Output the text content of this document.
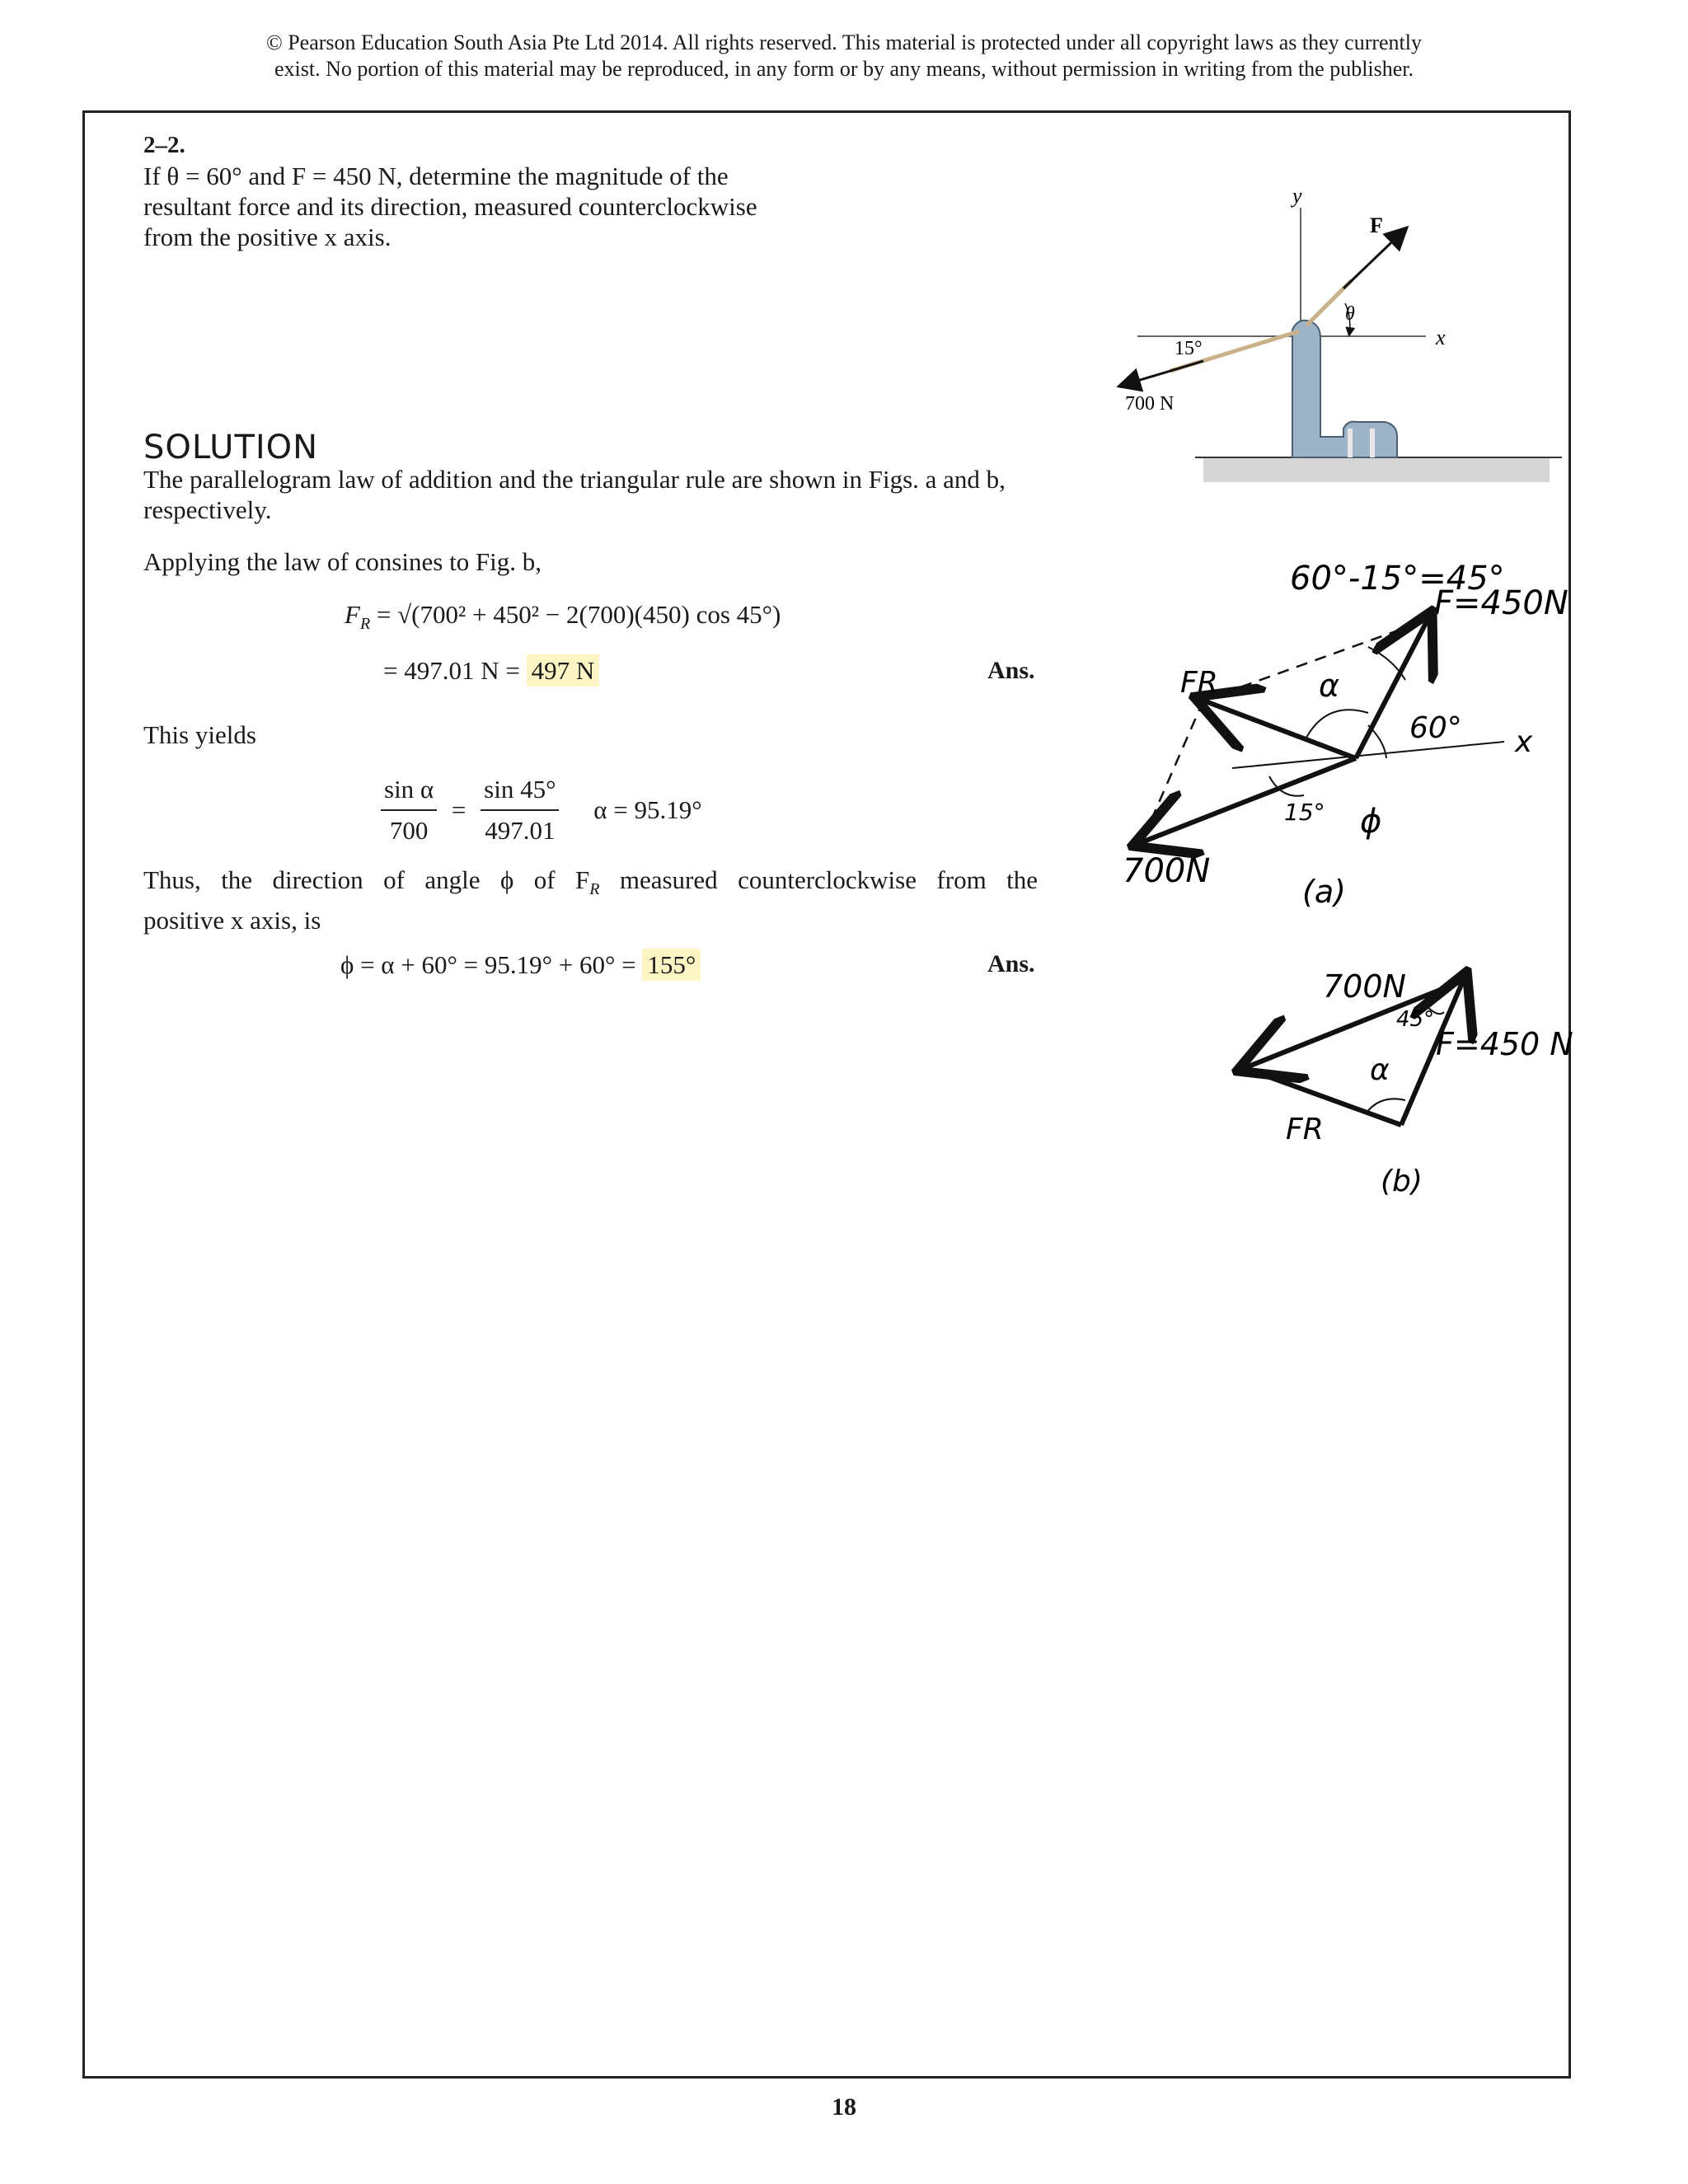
© Pearson Education South Asia Pte Ltd 2014. All rights reserved. This material is protected under all copyright laws as they currently
exist. No portion of this material may be reproduced, in any form or by any means, without permission in writing from the publisher.
2–2.
If θ = 60° and F = 450 N, determine the magnitude of the
resultant force and its direction, measured counterclockwise
from the positive x axis.
SOLUTION
The parallelogram law of addition and the triangular rule are shown in Figs. a and b,
respectively.
Applying the law of consines to Fig. b,
$F_R = √(700^2 + 450^2 - 2(700)(450)$ cos 45°)
= 497.01 N = 497 N	Ans.
This yields
$\frac{\text{sin α}}{700} = \frac{\sin 45^\circ}{497.01}$ α = 95.19°
Thus, the direction of angle ϕ of $F_R$ measured counterclockwise from the
positive x axis, is
ϕ = α + 60° = 95.19° + 60° = 155°	Ans.
y
x
15°
700 N
F
θ
60°-15°=45°
F=450N
x
FR	α
60°
15° ϕ
700N
(a)
700N
45°
F=450 N
α
FR
(b)
18
